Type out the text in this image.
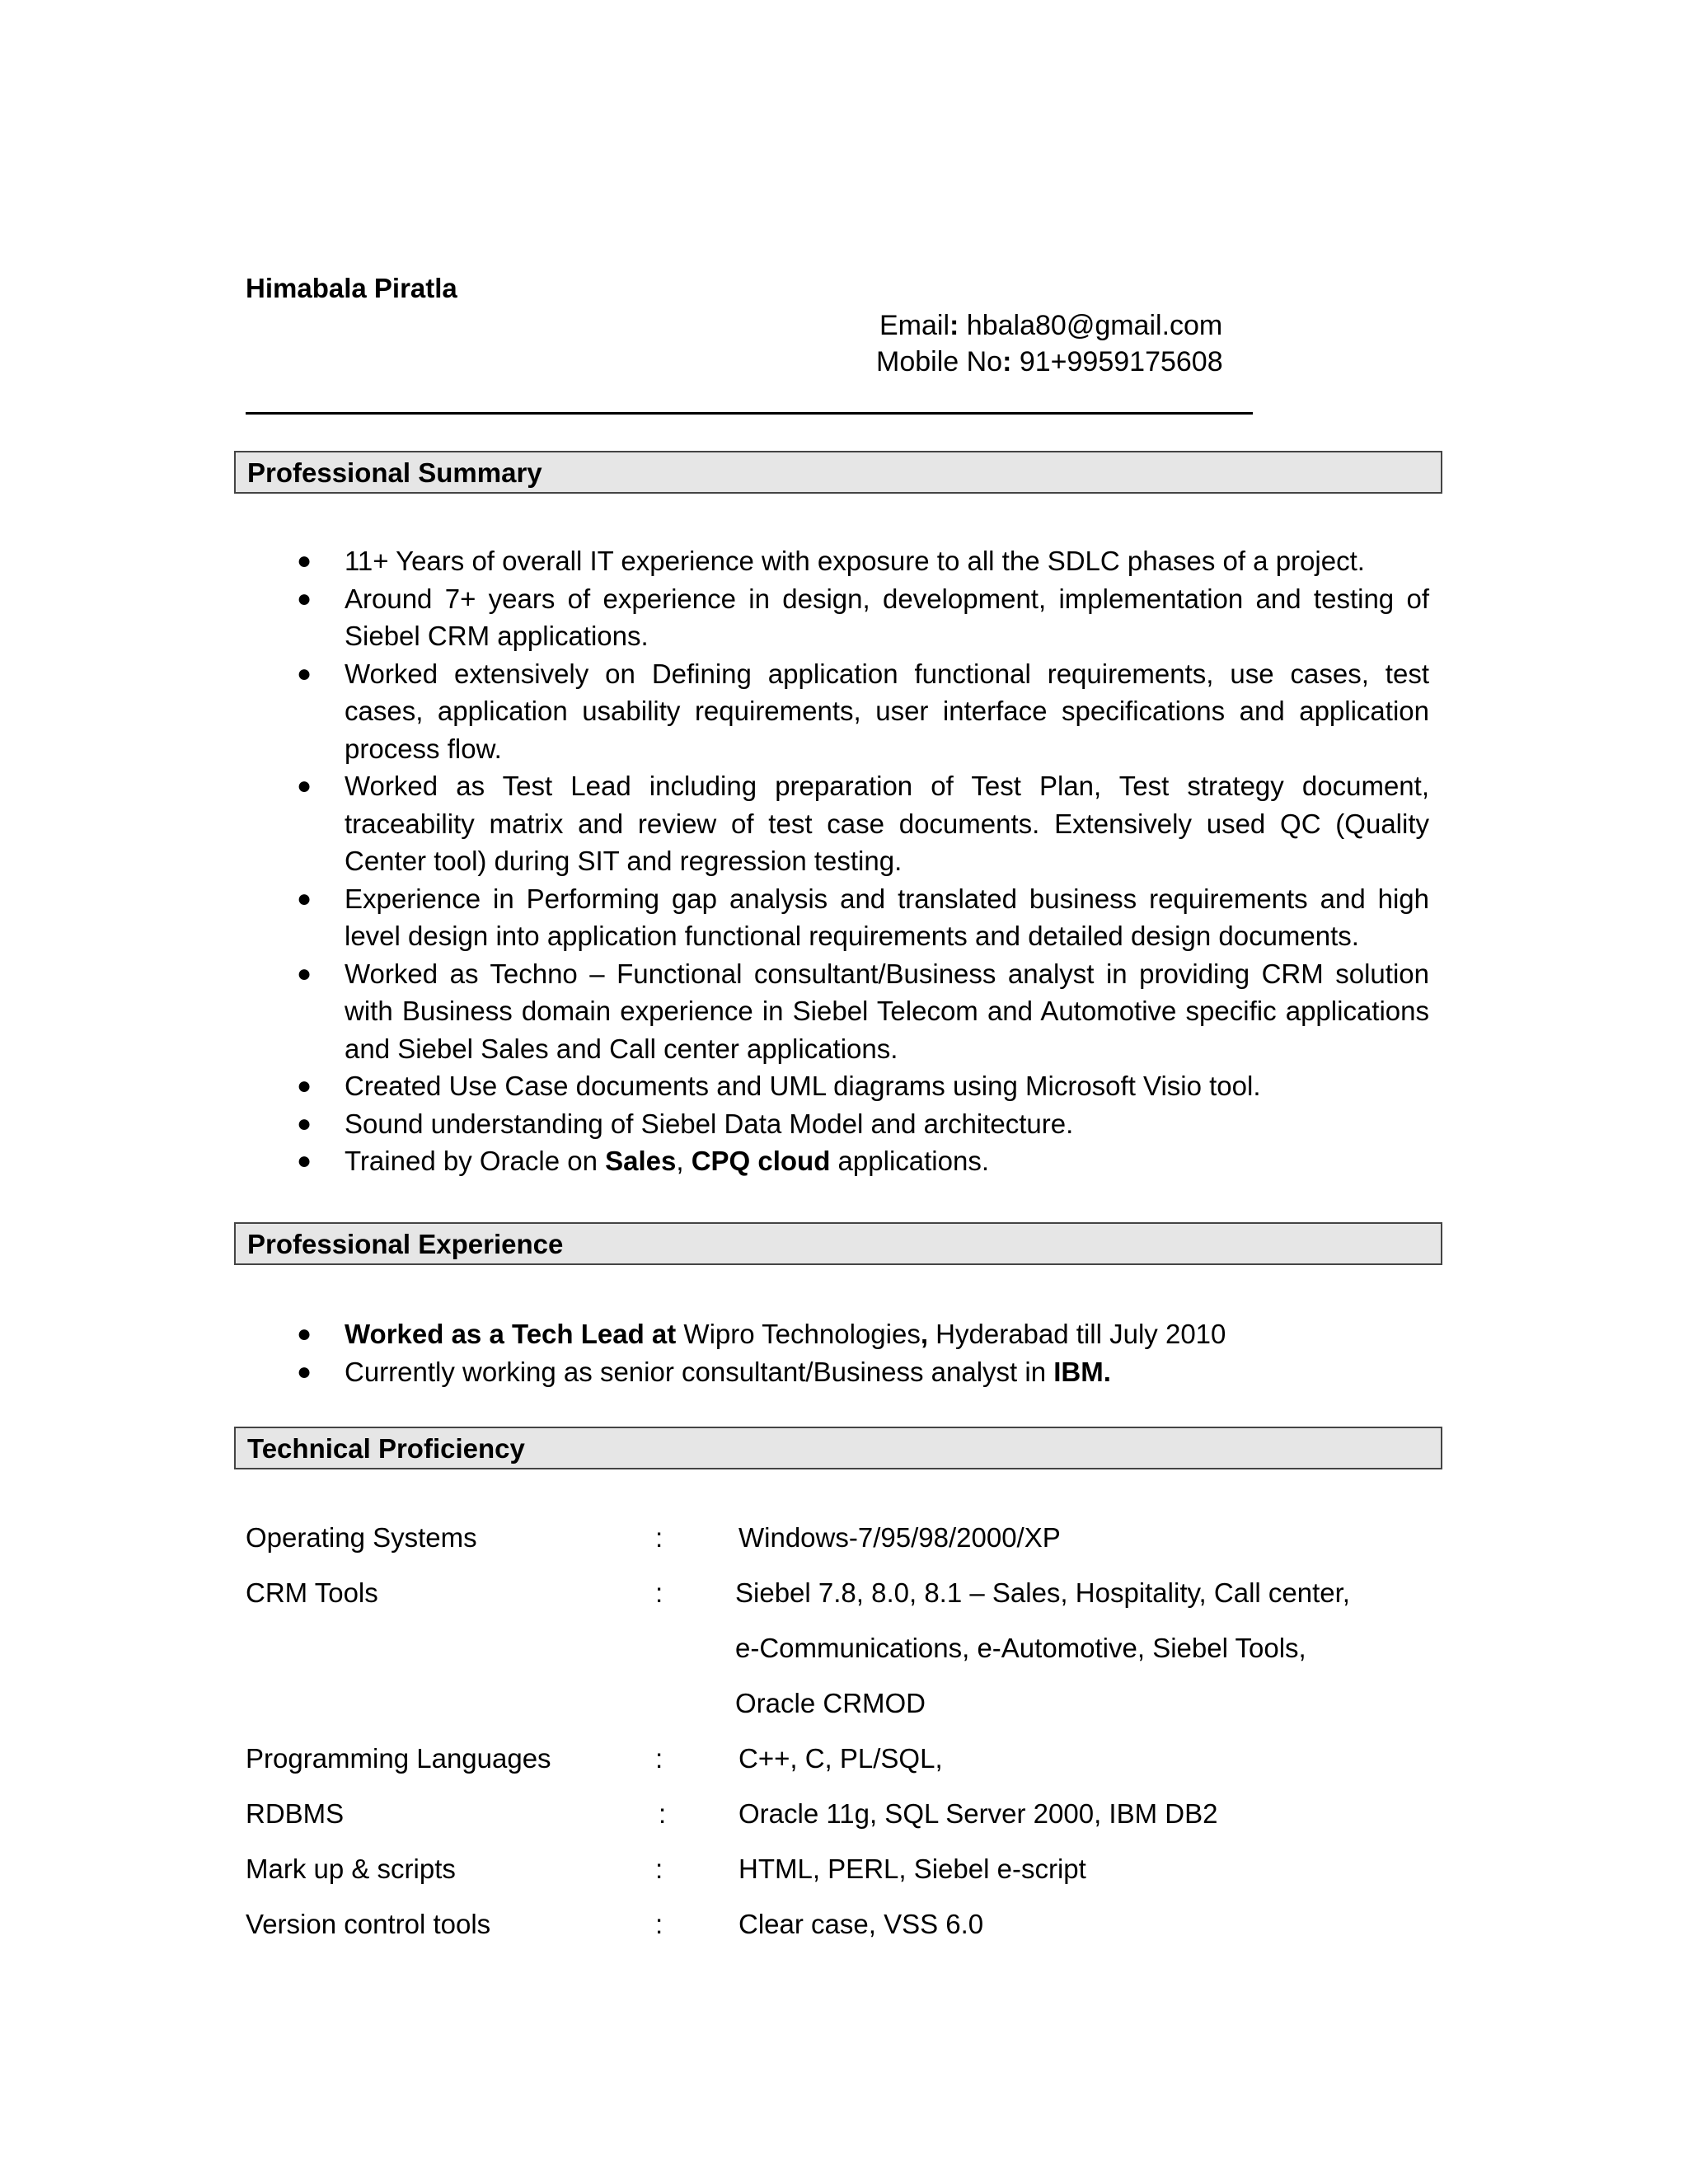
Himabala Piratla
Email: hbala80@gmail.com
Mobile No: 91+9959175608
Professional Summary
● 11+ Years of overall IT experience with exposure to all the SDLC phases of a project.
● Around 7+ years of experience in design, development, implementation and testing of Siebel CRM applications.
● Worked extensively on Defining application functional requirements, use cases, test cases, application usability requirements, user interface specifications and application process flow.
● Worked as Test Lead including preparation of Test Plan, Test strategy document, traceability matrix and review of test case documents. Extensively used QC (Quality Center tool) during SIT and regression testing.
● Experience in Performing gap analysis and translated business requirements and high level design into application functional requirements and detailed design documents.
● Worked as Techno – Functional consultant/Business analyst in providing CRM solution with Business domain experience in Siebel Telecom and Automotive specific applications and Siebel Sales and Call center applications.
● Created Use Case documents and UML diagrams using Microsoft Visio tool.
● Sound understanding of Siebel Data Model and architecture.
● Trained by Oracle on Sales, CPQ cloud applications.
Professional Experience
● Worked as a Tech Lead at Wipro Technologies, Hyderabad till July 2010
● Currently working as senior consultant/Business analyst in IBM.
Technical Proficiency
Operating Systems	:	Windows-7/95/98/2000/XP
CRM Tools	:	Siebel 7.8, 8.0, 8.1 – Sales, Hospitality, Call center,
e-Communications, e-Automotive, Siebel Tools,
Oracle CRMOD
Programming Languages	:	C++, C, PL/SQL,
RDBMS	:	Oracle 11g, SQL Server 2000, IBM DB2
Mark up & scripts	:	HTML, PERL, Siebel e-script
Version control tools	:	Clear case, VSS 6.0
